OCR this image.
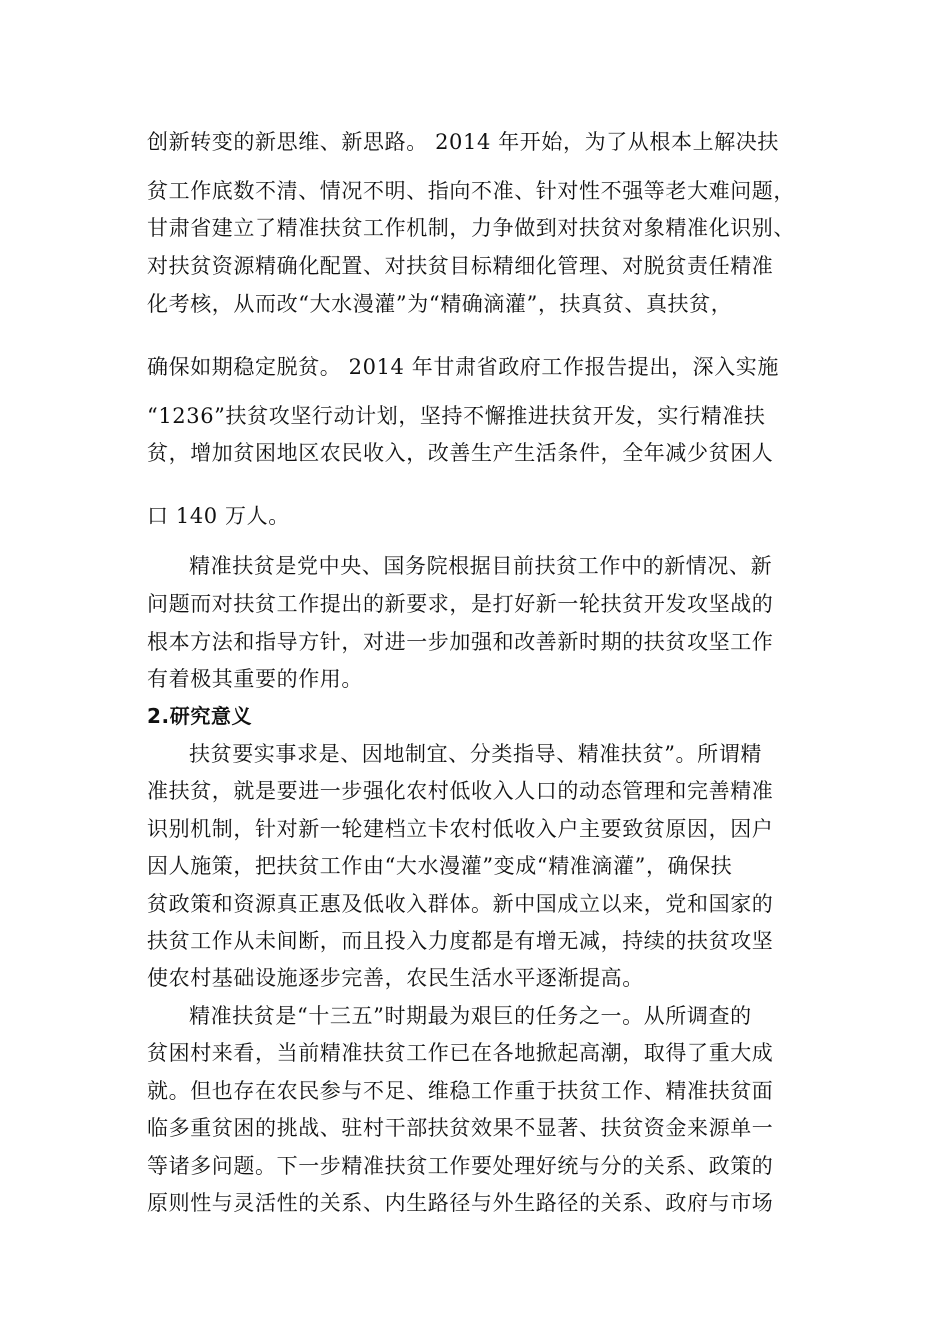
创新转变的新思维、新思路。 2014 年开始，为了从根本上解决扶
贫工作底数不清、情况不明、指向不准、针对性不强等老大难问题，
甘肃省建立了精准扶贫工作机制，力争做到对扶贫对象精准化识别、
对扶贫资源精确化配置、对扶贫目标精细化管理、对脱贫责任精准
化考核，从而改“大水漫灌”为“精确滴灌”，扶真贫、真扶贫，
确保如期稳定脱贫。 2014 年甘肃省政府工作报告提出，深入实施
“1236”扶贫攻坚行动计划，坚持不懈推进扶贫开发，实行精准扶
贫，增加贫困地区农民收入，改善生产生活条件，全年减少贫困人
口 140 万人。
精准扶贫是党中央、国务院根据目前扶贫工作中的新情况、新
问题而对扶贫工作提出的新要求，是打好新一轮扶贫开发攻坚战的
根本方法和指导方针，对进一步加强和改善新时期的扶贫攻坚工作
有着极其重要的作用。
2.研究意义
扶贫要实事求是、因地制宜、分类指导、精准扶贫”。所谓精
准扶贫，就是要进一步强化农村低收入人口的动态管理和完善精准
识别机制，针对新一轮建档立卡农村低收入户主要致贫原因，因户
因人施策，把扶贫工作由“大水漫灌”变成“精准滴灌”，确保扶
贫政策和资源真正惠及低收入群体。新中国成立以来，党和国家的
扶贫工作从未间断，而且投入力度都是有增无减，持续的扶贫攻坚
使农村基础设施逐步完善，农民生活水平逐渐提高。
精准扶贫是“十三五”时期最为艰巨的任务之一。从所调查的
贫困村来看，当前精准扶贫工作已在各地掀起高潮，取得了重大成
就。但也存在农民参与不足、维稳工作重于扶贫工作、精准扶贫面
临多重贫困的挑战、驻村干部扶贫效果不显著、扶贫资金来源单一
等诸多问题。下一步精准扶贫工作要处理好统与分的关系、政策的
原则性与灵活性的关系、内生路径与外生路径的关系、政府与市场
